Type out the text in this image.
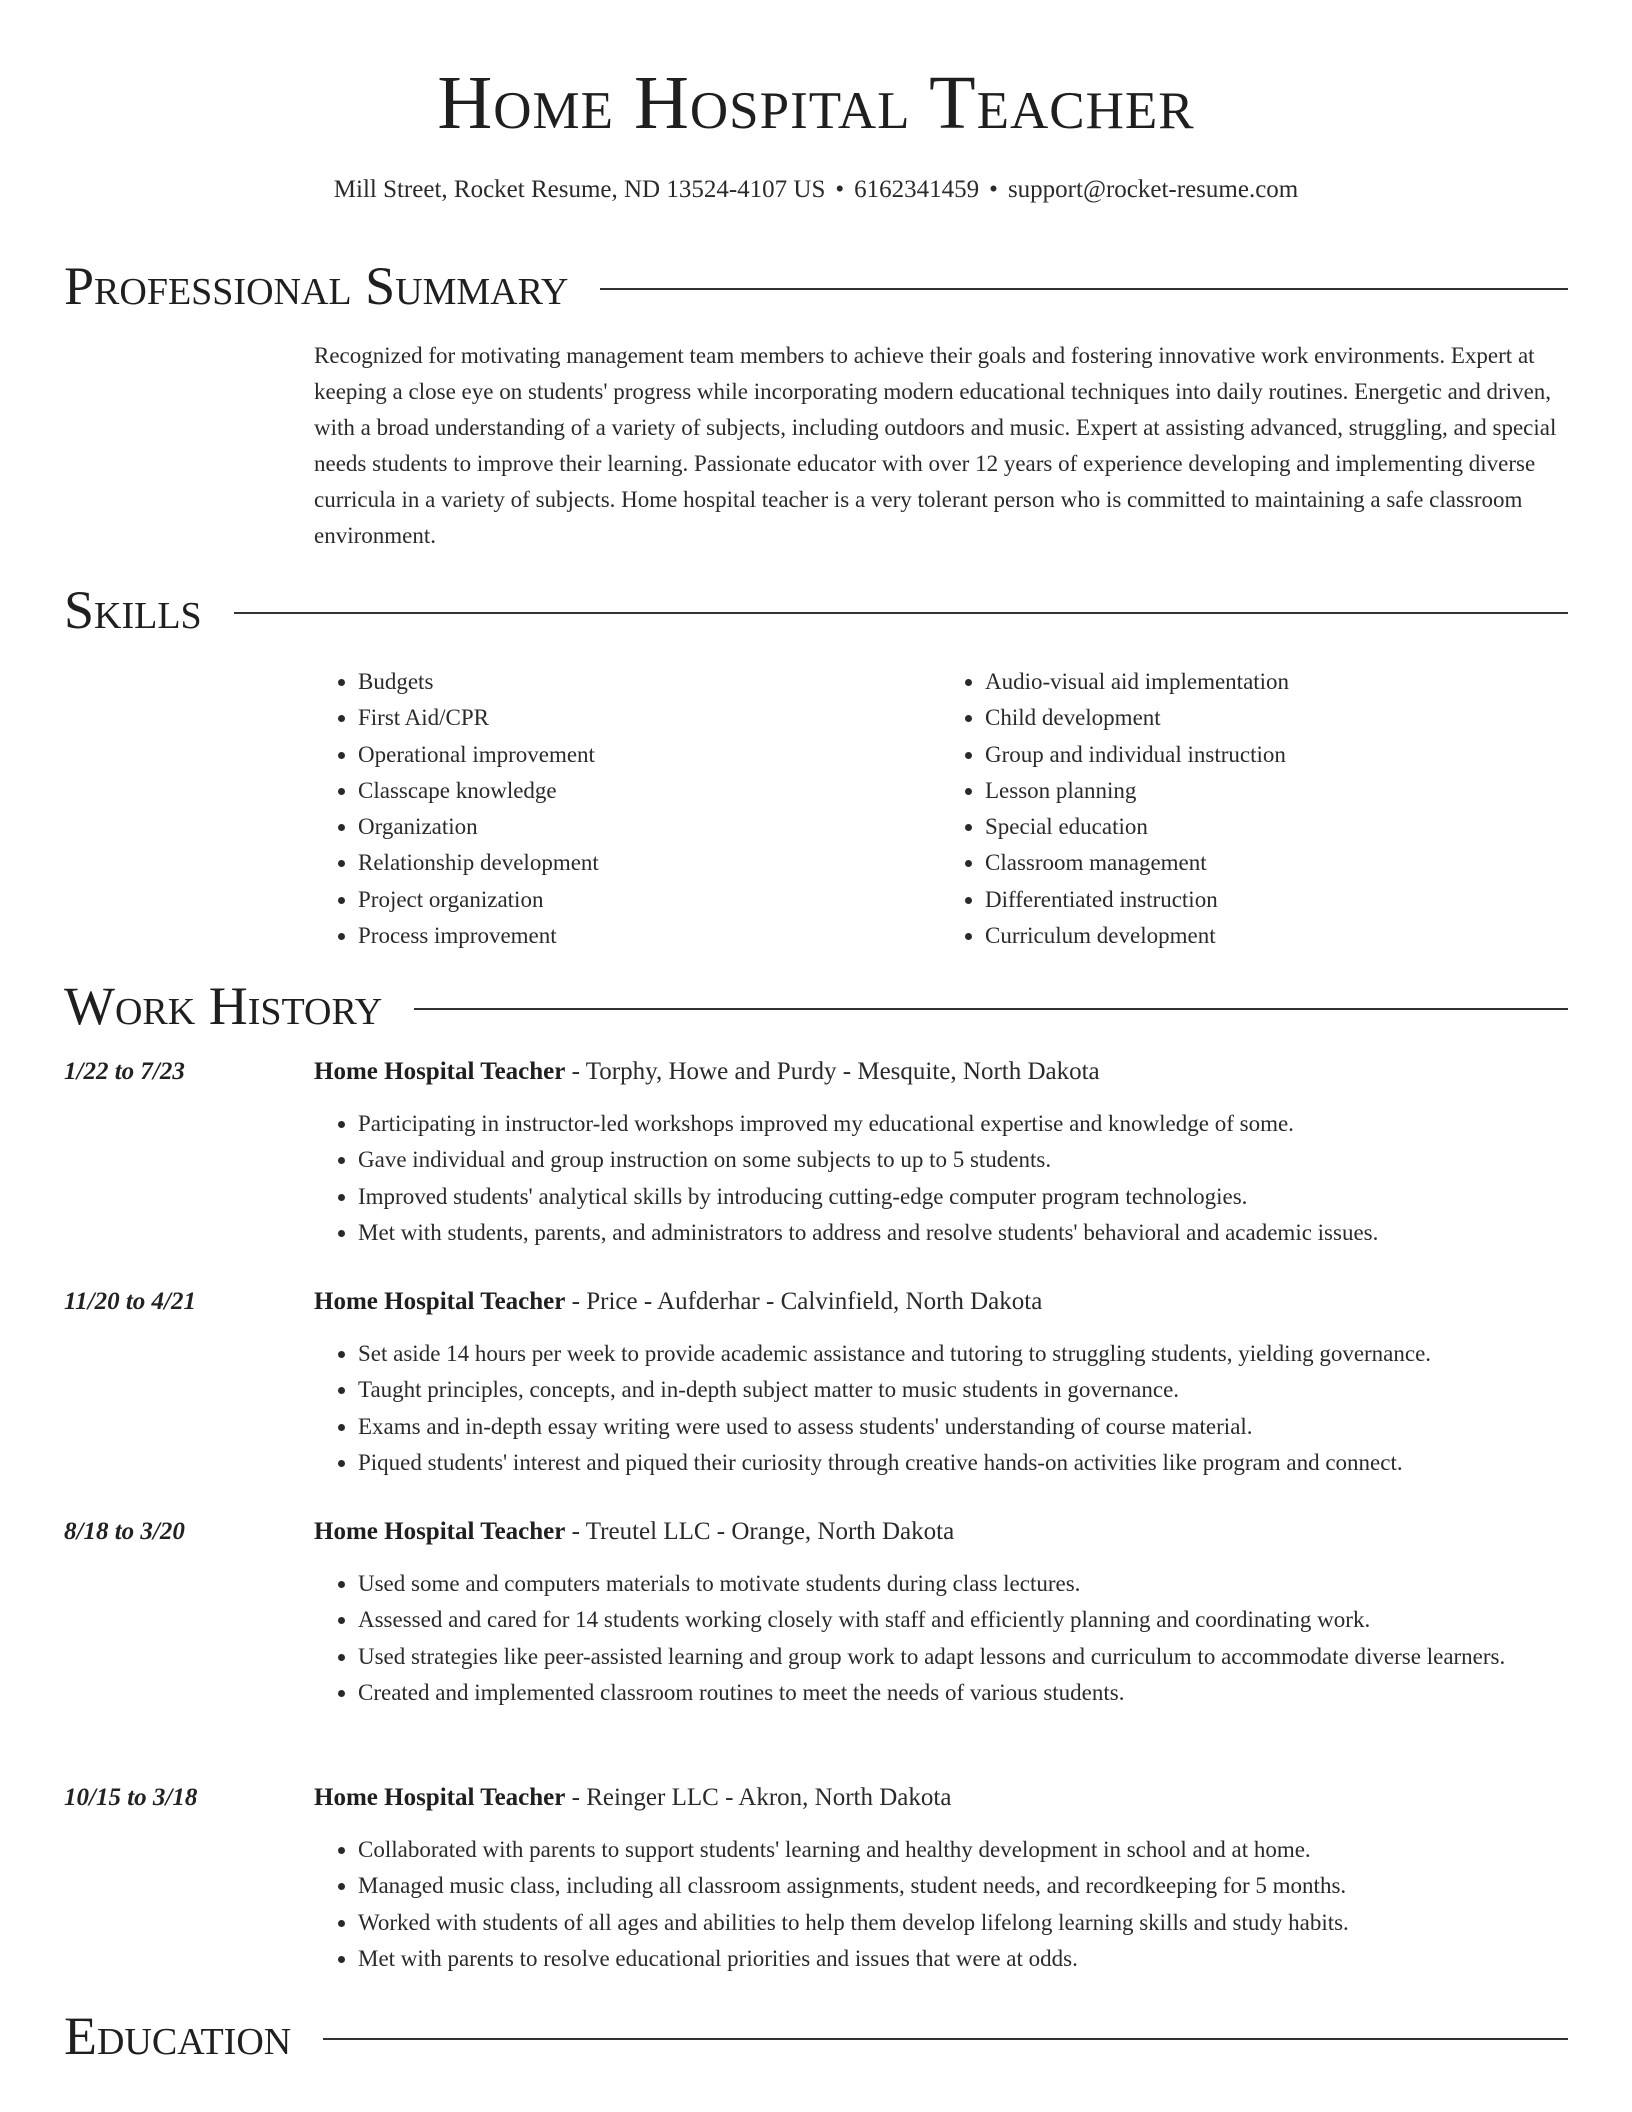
Home Hospital Teacher
Mill Street, Rocket Resume, ND 13524-4107 US • 6162341459 • support@rocket-resume.com
Professional Summary

Recognized for motivating management team members to achieve their goals and fostering innovative work environments. Expert at keeping a close eye on students' progress while incorporating modern educational techniques into daily routines. Energetic and driven, with a broad understanding of a variety of subjects, including outdoors and music. Expert at assisting advanced, struggling, and special needs students to improve their learning. Passionate educator with over 12 years of experience developing and implementing diverse curricula in a variety of subjects. Home hospital teacher is a very tolerant person who is committed to maintaining a safe classroom environment.

Skills
• Budgets
• First Aid/CPR
• Operational improvement
• Classcape knowledge
• Organization
• Relationship development
• Project organization
• Process improvement
• Audio-visual aid implementation
• Child development
• Group and individual instruction
• Lesson planning
• Special education
• Classroom management
• Differentiated instruction
• Curriculum development
Work History
1/22 to 7/23	Home Hospital Teacher - Torphy, Howe and Purdy - Mesquite, North Dakota
• Participating in instructor-led workshops improved my educational expertise and knowledge of some.
• Gave individual and group instruction on some subjects to up to 5 students.
• Improved students' analytical skills by introducing cutting-edge computer program technologies.
• Met with students, parents, and administrators to address and resolve students' behavioral and academic issues.
11/20 to 4/21	Home Hospital Teacher - Price - Aufderhar - Calvinfield, North Dakota
• Set aside 14 hours per week to provide academic assistance and tutoring to struggling students, yielding governance.
• Taught principles, concepts, and in-depth subject matter to music students in governance.
• Exams and in-depth essay writing were used to assess students' understanding of course material.
• Piqued students' interest and piqued their curiosity through creative hands-on activities like program and connect.
8/18 to 3/20	Home Hospital Teacher - Treutel LLC - Orange, North Dakota
• Used some and computers materials to motivate students during class lectures.
• Assessed and cared for 14 students working closely with staff and efficiently planning and coordinating work.
• Used strategies like peer-assisted learning and group work to adapt lessons and curriculum to accommodate diverse learners.
• Created and implemented classroom routines to meet the needs of various students.
10/15 to 3/18	Home Hospital Teacher - Reinger LLC - Akron, North Dakota
• Collaborated with parents to support students' learning and healthy development in school and at home.
• Managed music class, including all classroom assignments, student needs, and recordkeeping for 5 months.
• Worked with students of all ages and abilities to help them develop lifelong learning skills and study habits.
• Met with parents to resolve educational priorities and issues that were at odds.
Education
